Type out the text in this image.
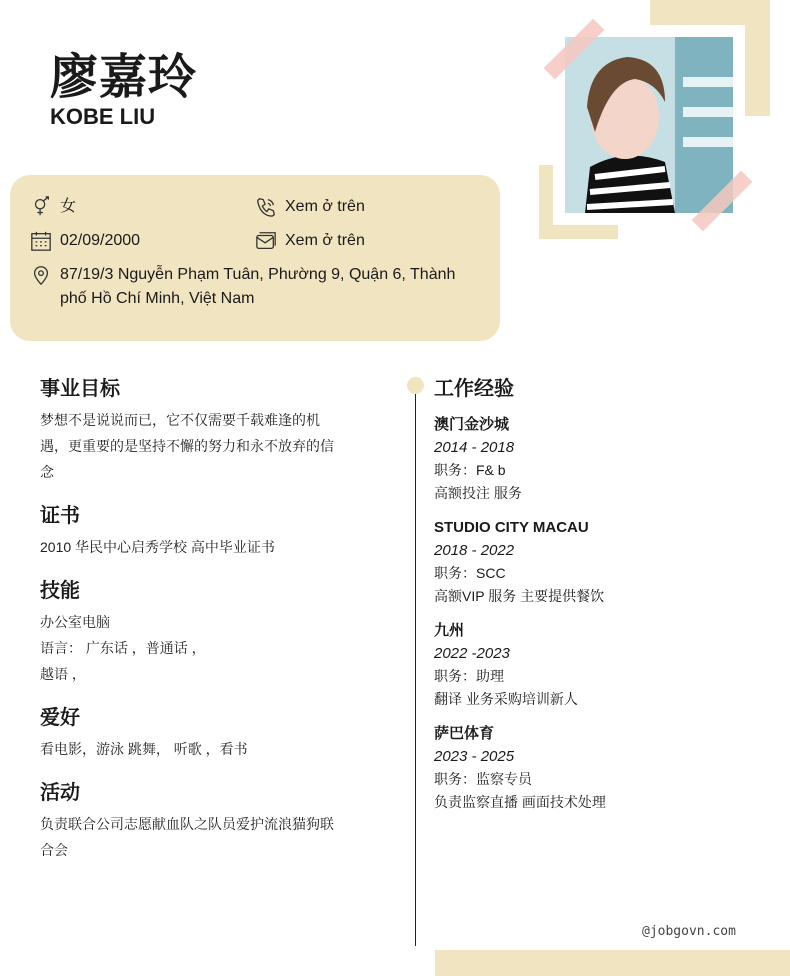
廖嘉玲
KOBE LIU
女	Xem ở trên
02/09/2000	Xem ở trên
87/19/3 Nguyễn Phạm Tuân, Phường 9, Quận 6, Thành phố Hồ Chí Minh, Việt Nam
事业目标
梦想不是说说而已，它不仅需要千载难逢的机
遇，更重要的是坚持不懈的努力和永不放弃的信
念
证书
2010 华民中心启秀学校 高中毕业证书
技能
办公室电脑
语言： 广东话 ，普通话 ，
越语 ，
爱好
看电影，游泳 跳舞， 听歌 ，看书
活动
负责联合公司志愿献血队之队员爱护流浪猫狗联
合会
工作经验
澳门金沙城
2014 - 2018
职务：F& b
高额投注 服务
STUDIO CITY MACAU
2018 - 2022
职务：SCC
高额VIP 服务 主要提供餐饮
九州
2022 -2023
职务：助理
翻译 业务采购培训新人
萨巴体育
2023 - 2025
职务：监察专员
负责监察直播 画面技术处理
@jobgovn.com
